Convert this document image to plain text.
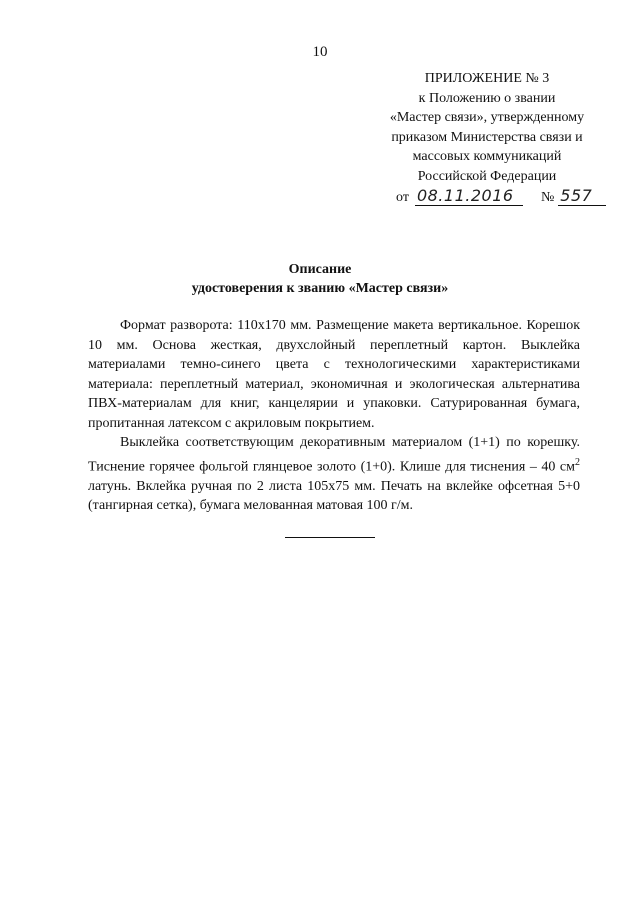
10
ПРИЛОЖЕНИЕ № 3
к Положению о звании
«Мастер связи», утвержденному
приказом Министерства связи и
массовых коммуникаций
Российской Федерации
от 08.11.2016 № 557
Описание
удостоверения к званию «Мастер связи»

Формат разворота: 110х170 мм. Размещение макета вертикальное. Корешок 10 мм. Основа жесткая, двухслойный переплетный картон. Выклейка материалами темно-синего цвета с технологическими характеристиками материала: переплетный материал, экономичная и экологическая альтернатива ПВХ-материалам для книг, канцелярии и упаковки. Сатурированная бумага, пропитанная латексом с акриловым покрытием.

Выклейка соответствующим декоративным материалом (1+1) по корешку. Тиснение горячее фольгой глянцевое золото (1+0). Клише для тиснения – 40 $см^2$ латунь. Вклейка ручная по 2 листа 105х75 мм. Печать на вклейке офсетная 5+0 (тангирная сетка), бумага мелованная матовая 100 г/м.
